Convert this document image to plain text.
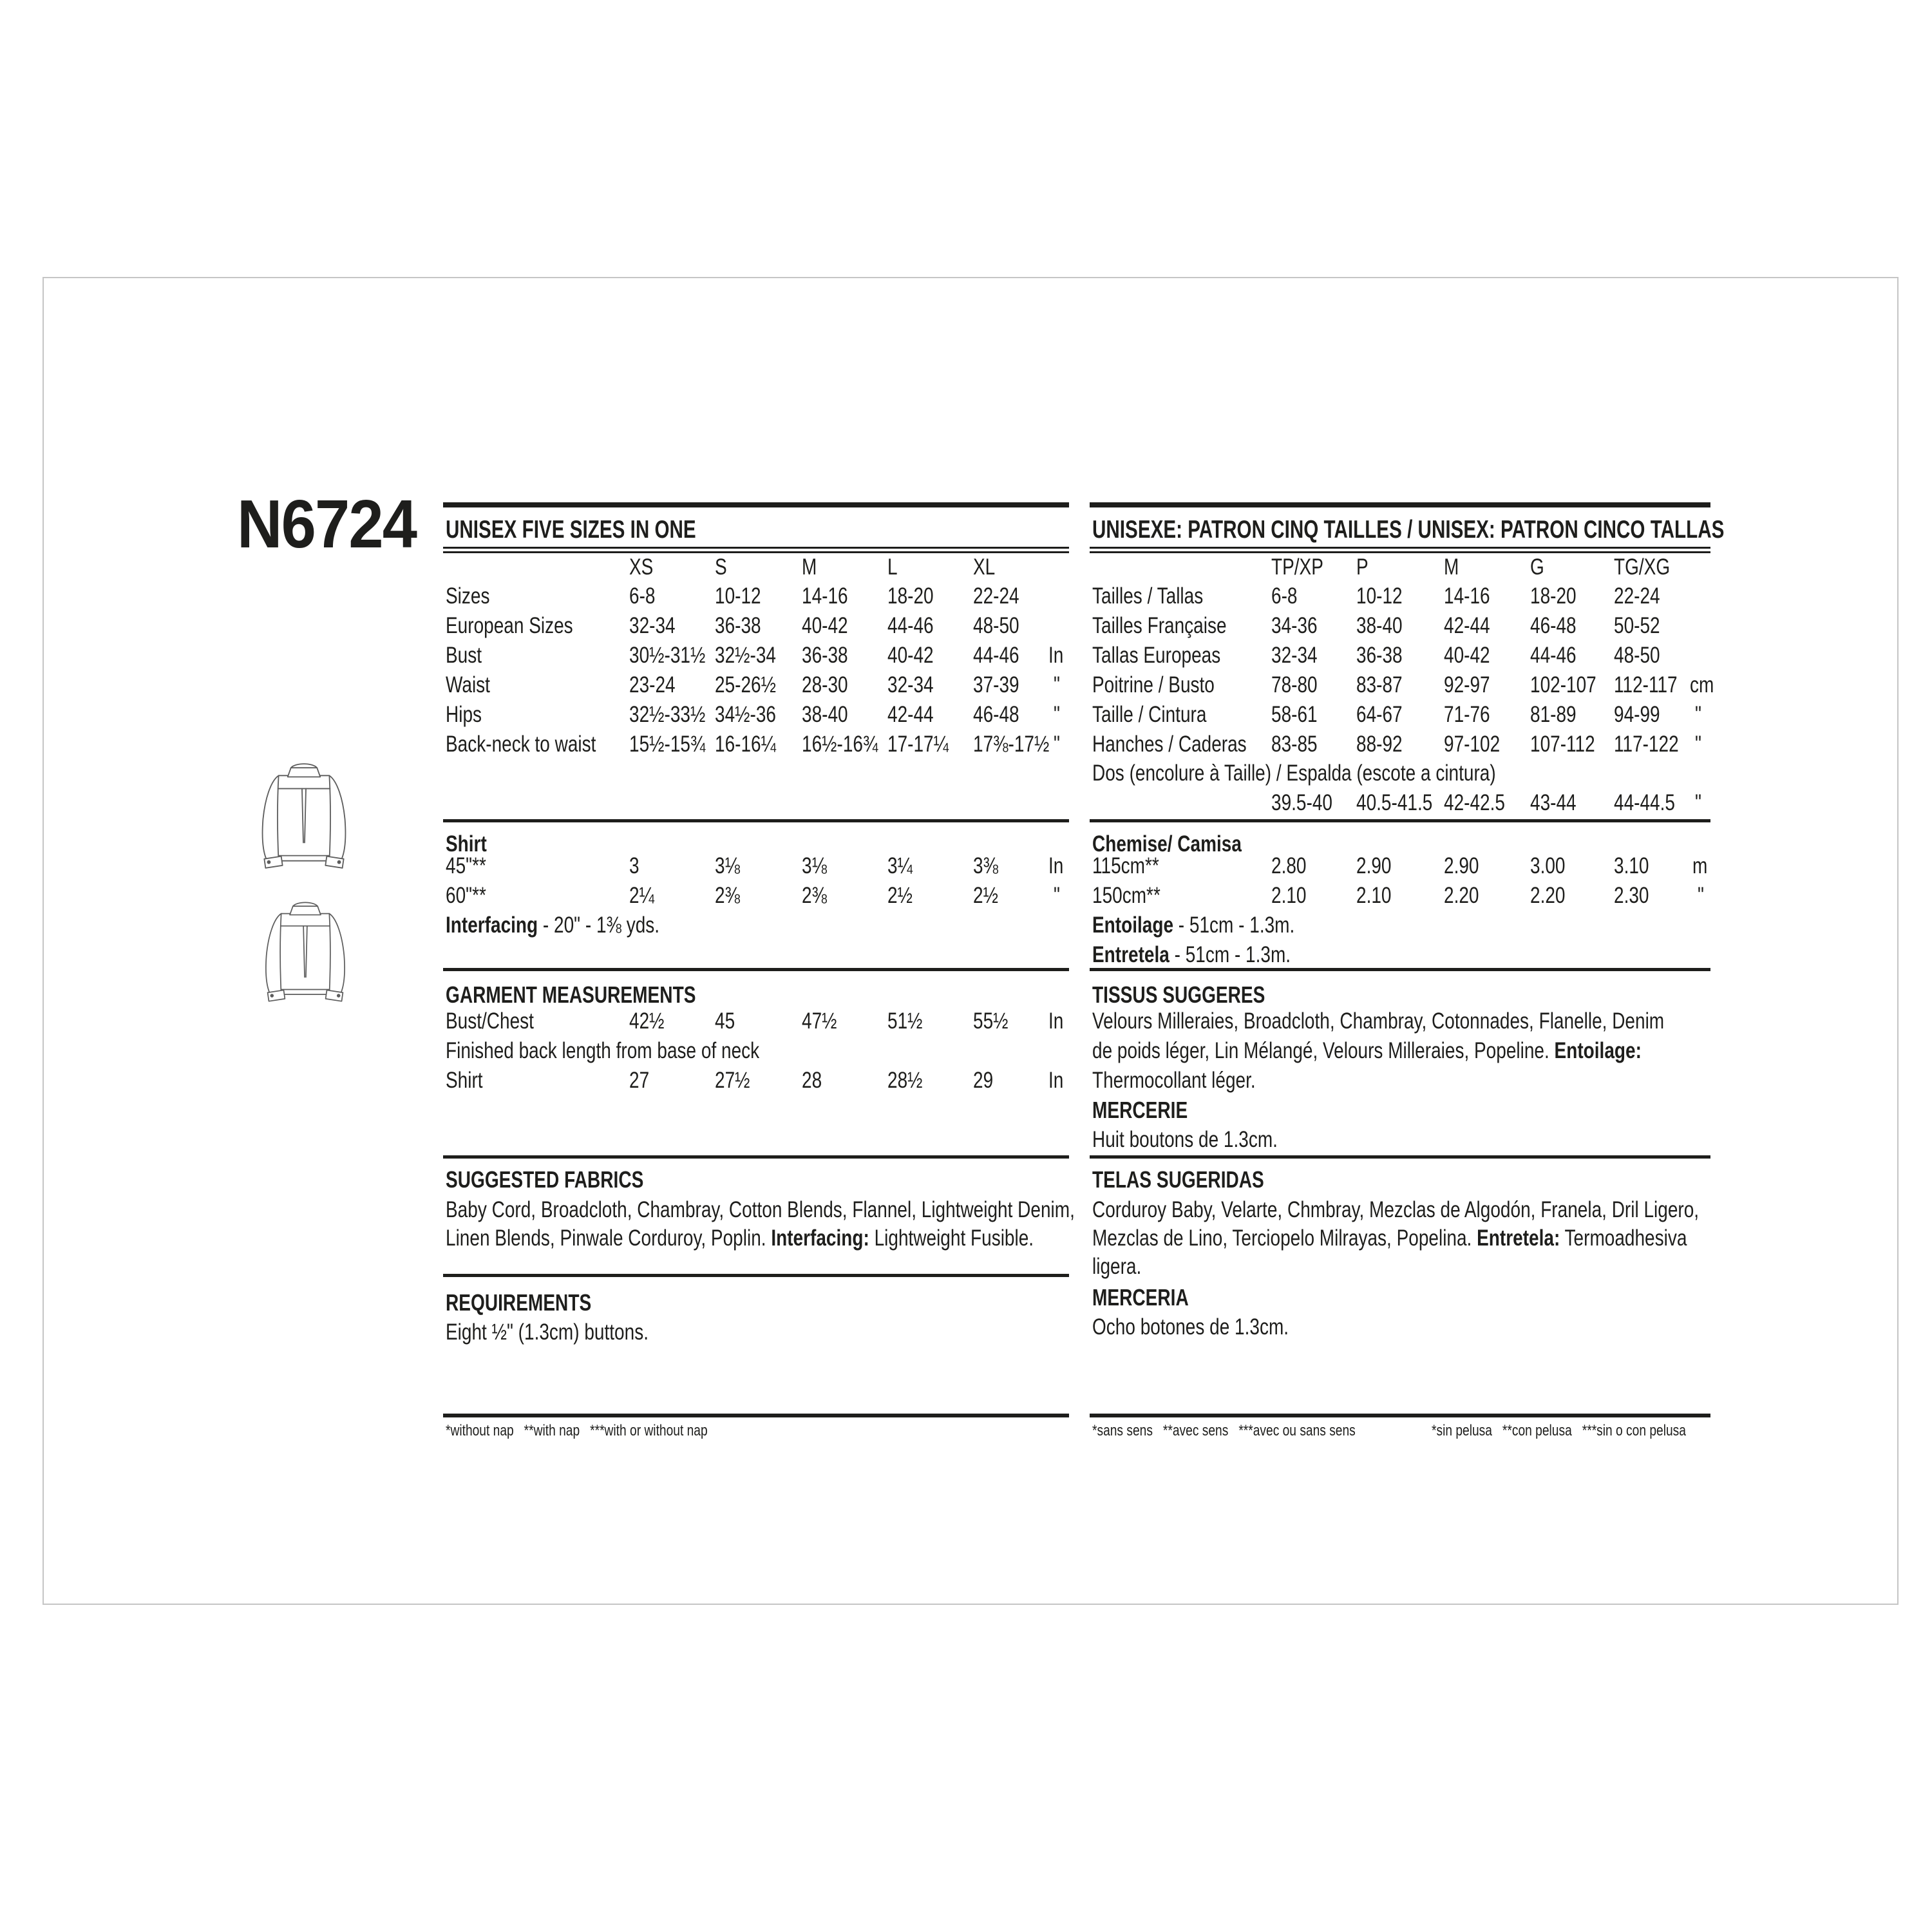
N6724 UNISEX FIVE SIZES IN ONE
XS	S	M	L	XL
Sizes	6-8	10-12 14-16 18-20 22-24
European Sizes 32-34 36-38 40-42 44-46 48-50
Bust	30½-31½ 32½-34 36-38 40-42 44-46 In
Waist	23-24 25-26½ 28-30 32-34 37-39 "
Hips	32½-33½ 34½-36 38-40 42-44 46-48 "
Back-neck to waist 15½-15¾ 16-16¼ 16½-16¾ 17-17¼ 17⅜-17½ "
Shirt
45"**	3	3⅛	3⅛	3¼	3⅜ In
60"**	2¼	2⅜	2⅜	2½	2½ "
Interfacing - 20" - 1⅜ yds.
GARMENT MEASUREMENTS
Bust/Chest	42½ 45	47½ 51½ 55½ In
Finished back length from base of neck
Shirt	27	27½ 28	28½ 29 In
SUGGESTED FABRICS
Baby Cord, Broadcloth, Chambray, Cotton Blends, Flannel, Lightweight Denim,
Linen Blends, Pinwale Corduroy, Poplin. Interfacing: Lightweight Fusible.
REQUIREMENTS
Eight ½" (1.3cm) buttons.
*without nap   **with nap   ***with or without nap
UNISEXE: PATRON CINQ TAILLES / UNISEX: PATRON CINCO TALLAS
TP/XP P	M	G	TG/XG
Tailles / Tallas	6-8	10-12 14-16 18-20 22-24
Tailles Française 34-36 38-40 42-44 46-48 50-52
Tallas Europeas 32-34 36-38 40-42 44-46 48-50
Poitrine / Busto	78-80 83-87 92-97 102-107 112-117 cm
Taille / Cintura	58-61 64-67 71-76 81-89 94-99 "
Hanches / Caderas 83-85 88-92 97-102 107-112 117-122 "
Dos (encolure à Taille) / Espalda (escote a cintura)
39.5-40 40.5-41.5 42-42.5 43-44 44-44.5 "
Chemise/ Camisa
115cm**	2.80 2.90 2.90 3.00 3.10 m
150cm**	2.10 2.10 2.20 2.20 2.30 "
Entoilage - 51cm - 1.3m.
Entretela - 51cm - 1.3m.
TISSUS SUGGERES
Velours Milleraies, Broadcloth, Chambray, Cotonnades, Flanelle, Denim
de poids léger, Lin Mélangé, Velours Milleraies, Popeline. Entoilage:
Thermocollant léger.
MERCERIE
Huit boutons de 1.3cm.
TELAS SUGERIDAS
Corduroy Baby, Velarte, Chmbray, Mezclas de Algodón, Franela, Dril Ligero,
Mezclas de Lino, Terciopelo Milrayas, Popelina. Entretela: Termoadhesiva
ligera.
MERCERIA
Ocho botones de 1.3cm.
*sans sens   **avec sens   ***avec ou sans sens	*sin pelusa   **con pelusa   ***sin o con pelusa
